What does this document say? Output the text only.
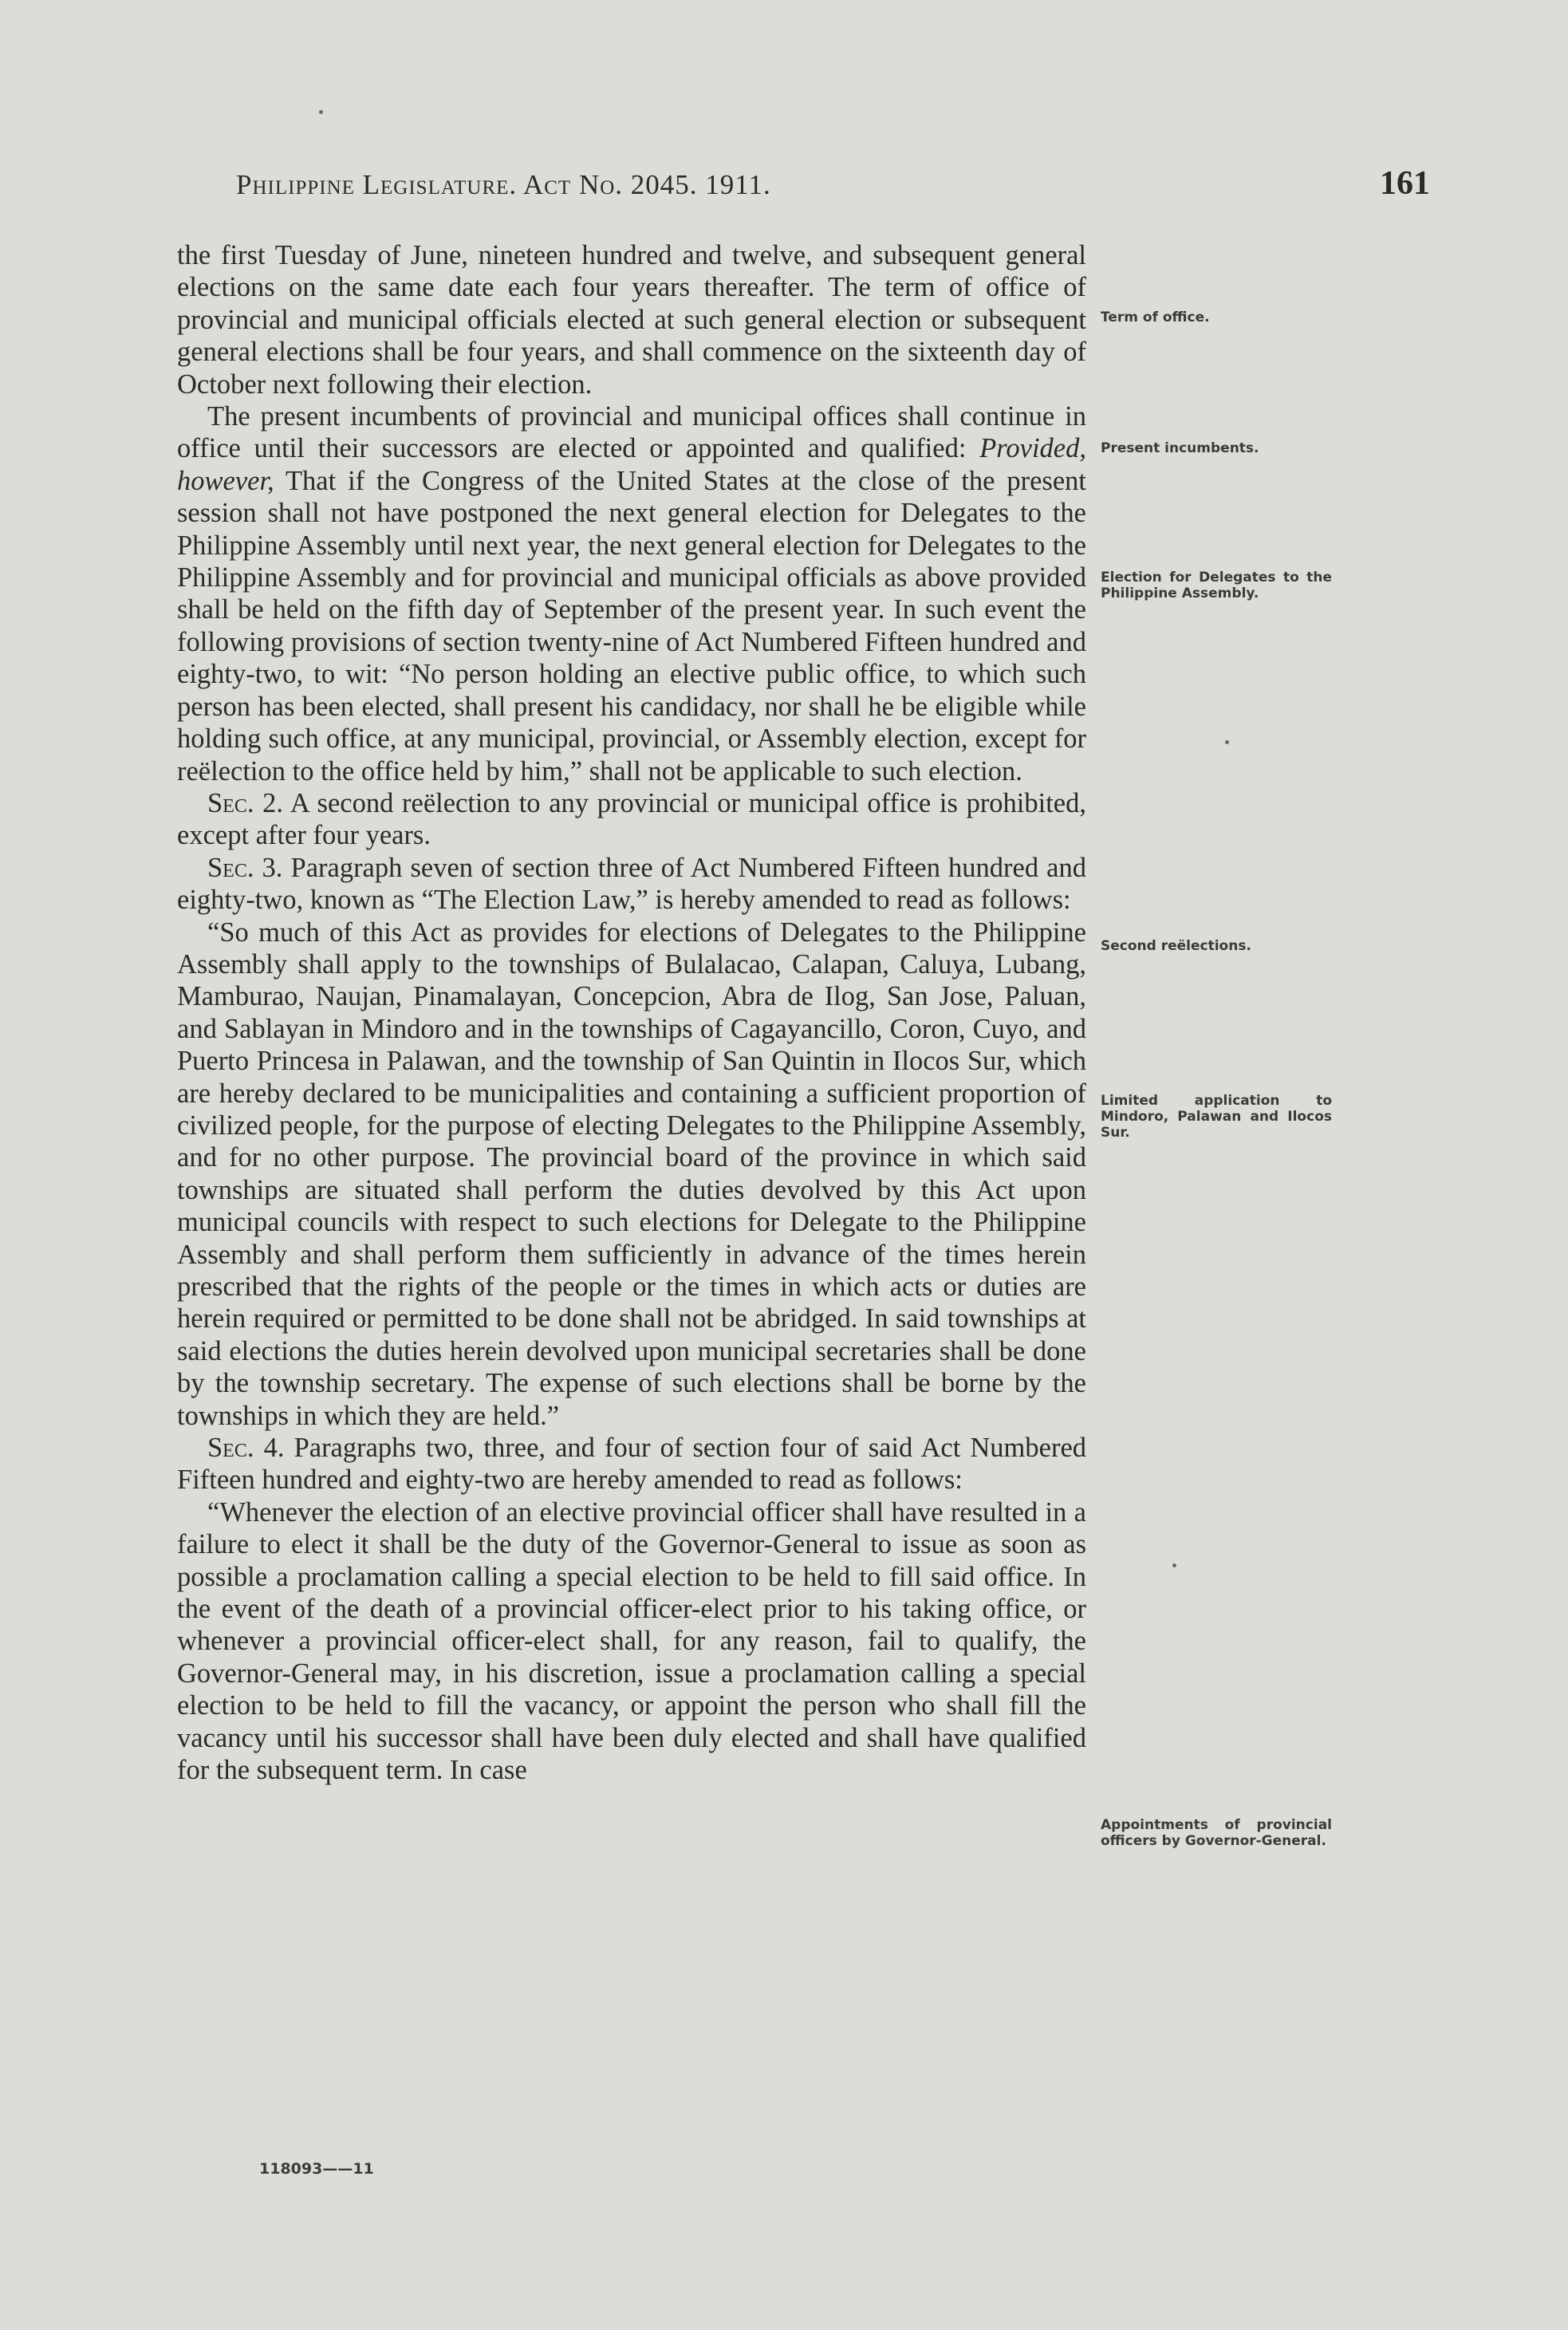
Philippine Legislature. Act No. 2045. 1911.	161

the first Tuesday of June, nineteen hundred and twelve, and subsequent general elections on the same date each four years thereafter. The term of office of provincial and municipal officials elected at such general election or subsequent general elections shall be four years, and shall commence on the sixteenth day of October next following their election.

The present incumbents of provincial and municipal offices shall continue in office until their successors are elected or appointed and qualified: Provided, however, That if the Congress of the United States at the close of the present session shall not have postponed the next general election for Delegates to the Philippine Assembly until next year, the next general election for Delegates to the Philippine Assembly and for provincial and municipal officials as above provided shall be held on the fifth day of September of the present year. In such event the following provisions of section twenty-nine of Act Numbered Fifteen hundred and eighty-two, to wit: “No person holding an elective public office, to which such person has been elected, shall present his candidacy, nor shall he be eligible while holding such office, at any municipal, provincial, or Assembly election, except for reëlection to the office held by him,” shall not be applicable to such election.

Sec. 2. A second reëlection to any provincial or municipal office is prohibited, except after four years.

Sec. 3. Paragraph seven of section three of Act Numbered Fifteen hundred and eighty-two, known as “The Election Law,” is hereby amended to read as follows:

“So much of this Act as provides for elections of Delegates to the Philippine Assembly shall apply to the townships of Bulalacao, Calapan, Caluya, Lubang, Mamburao, Naujan, Pinamalayan, Concepcion, Abra de Ilog, San Jose, Paluan, and Sablayan in Mindoro and in the townships of Cagayancillo, Coron, Cuyo, and Puerto Princesa in Palawan, and the township of San Quintin in Ilocos Sur, which are hereby declared to be municipalities and containing a sufficient proportion of civilized people, for the purpose of electing Delegates to the Philippine Assembly, and for no other purpose. The provincial board of the province in which said townships are situated shall perform the duties devolved by this Act upon municipal councils with respect to such elections for Delegate to the Philippine Assembly and shall perform them sufficiently in advance of the times herein prescribed that the rights of the people or the times in which acts or duties are herein required or permitted to be done shall not be abridged. In said townships at said elections the duties herein devolved upon municipal secretaries shall be done by the township secretary. The expense of such elections shall be borne by the townships in which they are held.”

Sec. 4. Paragraphs two, three, and four of section four of said Act Numbered Fifteen hundred and eighty-two are hereby amended to read as follows:

“Whenever the election of an elective provincial officer shall have resulted in a failure to elect it shall be the duty of the Governor-General to issue as soon as possible a proclamation calling a special election to be held to fill said office. In the event of the death of a provincial officer-elect prior to his taking office, or whenever a provincial officer-elect shall, for any reason, fail to qualify, the Governor-General may, in his discretion, issue a proclamation calling a special election to be held to fill the vacancy, or appoint the person who shall fill the vacancy until his successor shall have been duly elected and shall have qualified for the subsequent term. In case

Term of office.
Present incumbents.
Election for Delegates to the Philippine Assembly.
Second reëlections.
Limited application to Mindoro, Palawan and Ilocos Sur.
Appointments of provincial officers by Governor-General.
118093——11
